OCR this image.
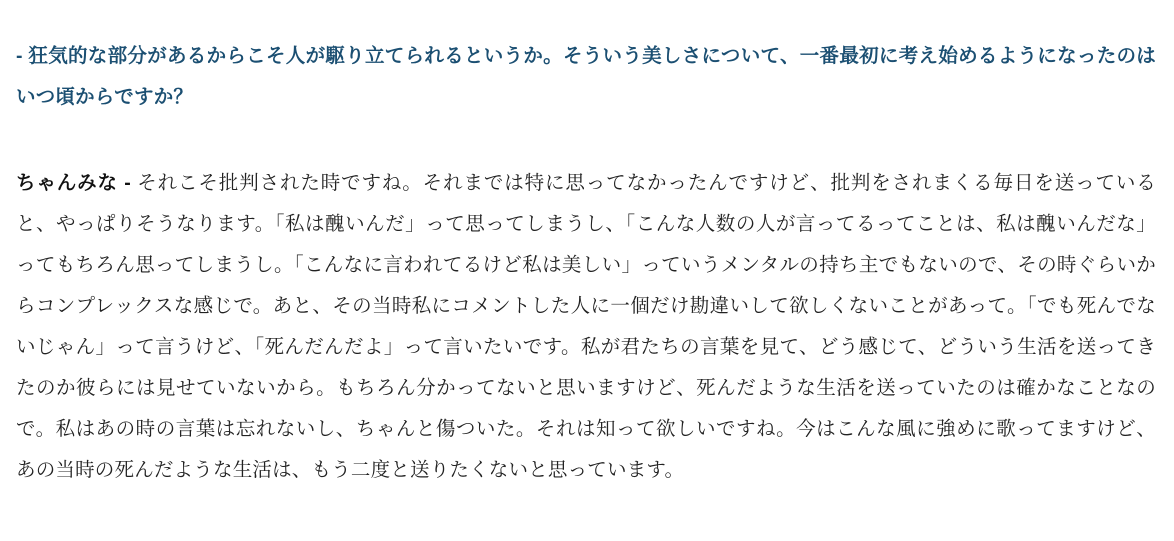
- 狂気的な部分があるからこそ人が駆り立てられるというか。そういう美しさについて、一番最初に考え始めるようになったのはいつ頃からですか？

ちゃんみな - それこそ批判された時ですね。それまでは特に思ってなかったんですけど、批判をされまくる毎日を送っていると、やっぱりそうなります。「私は醜いんだ」って思ってしまうし、「こんな人数の人が言ってるってことは、私は醜いんだな」ってもちろん思ってしまうし。「こんなに言われてるけど私は美しい」っていうメンタルの持ち主でもないので、その時ぐらいからコンプレックスな感じで。あと、その当時私にコメントした人に一個だけ勘違いして欲しくないことがあって。「でも死んでないじゃん」って言うけど、「死んだんだよ」って言いたいです。私が君たちの言葉を見て、どう感じて、どういう生活を送ってきたのか彼らには見せていないから。もちろん分かってないと思いますけど、死んだような生活を送っていたのは確かなことなので。私はあの時の言葉は忘れないし、ちゃんと傷ついた。それは知って欲しいですね。今はこんな風に強めに歌ってますけど、あの当時の死んだような生活は、もう二度と送りたくないと思っています。
